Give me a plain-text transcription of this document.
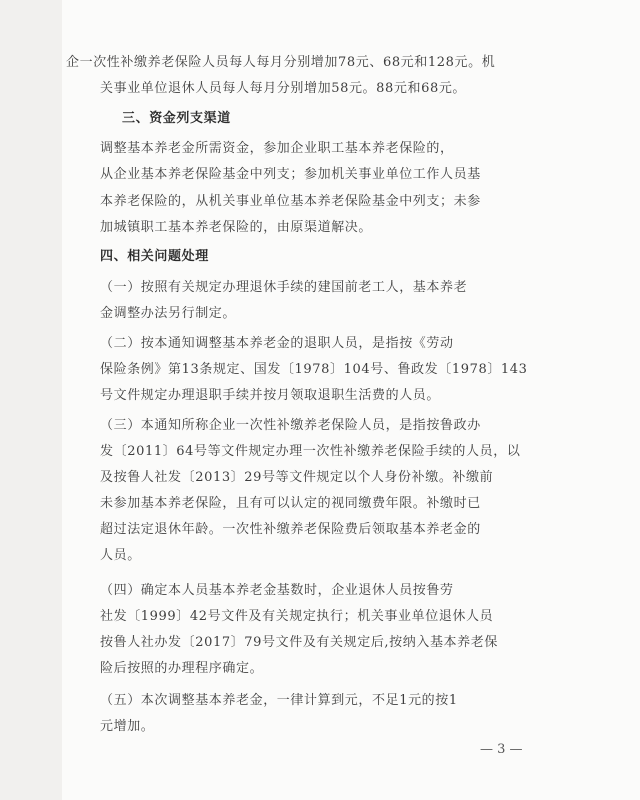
企一次性补缴养老保险人员每人每月分别增加78元、68元和128元。机
关事业单位退休人员每人每月分别增加58元。88元和68元。
三、资金列支渠道
调整基本养老金所需资金，参加企业职工基本养老保险的，
从企业基本养老保险基金中列支；参加机关事业单位工作人员基
本养老保险的，从机关事业单位基本养老保险基金中列支；未参
加城镇职工基本养老保险的，由原渠道解决。
四、相关问题处理
（一）按照有关规定办理退休手续的建国前老工人，基本养老
金调整办法另行制定。
（二）按本通知调整基本养老金的退职人员，是指按《劳动
保险条例》第13条规定、国发〔1978〕104号、鲁政发〔1978〕143
号文件规定办理退职手续并按月领取退职生活费的人员。
（三）本通知所称企业一次性补缴养老保险人员，是指按鲁政办
发〔2011〕64号等文件规定办理一次性补缴养老保险手续的人员，以
及按鲁人社发〔2013〕29号等文件规定以个人身份补缴。补缴前
未参加基本养老保险，且有可以认定的视同缴费年限。补缴时已
超过法定退休年龄。一次性补缴养老保险费后领取基本养老金的
人员。
（四）确定本人员基本养老金基数时，企业退休人员按鲁劳
社发〔1999〕42号文件及有关规定执行；机关事业单位退休人员
按鲁人社办发〔2017〕79号文件及有关规定后,按纳入基本养老保
险后按照的办理程序确定。
（五）本次调整基本养老金，一律计算到元，不足1元的按1
元增加。
— 3 —
